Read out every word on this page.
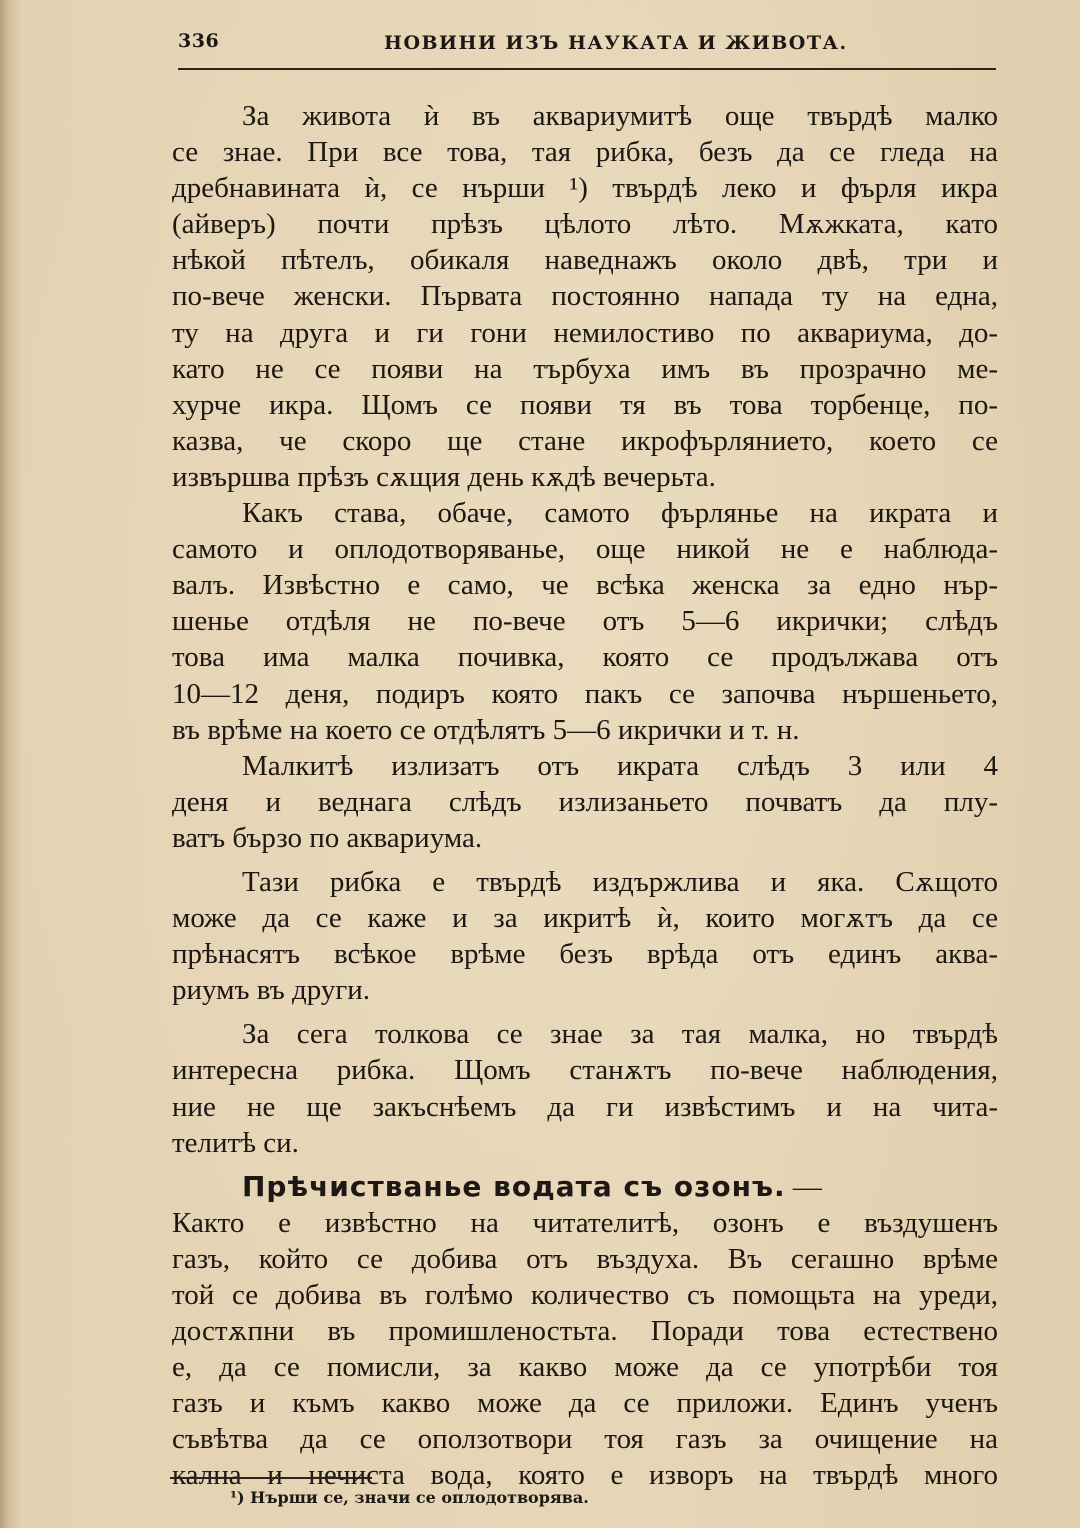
336	НОВИНИ ИЗЪ НАУКАТА И ЖИВОТА.
За живота ѝ въ аквариумитѣ още твърдѣ малко
се знае. При все това, тая рибка, безъ да се гледа на
дребнавината ѝ, се нърши ¹) твърдѣ леко и фърля икра
(айверъ) почти прѣзъ цѣлото лѣто. Мѫжката, като
нѣкой пѣтелъ, обикаля наведнажъ около двѣ, три и
по-вече женски. Първата постоянно напада ту на една,
ту на друга и ги гони немилостиво по аквариума, до-
като не се появи на търбуха имъ въ прозрачно ме-
хурче икра. Щомъ се появи тя въ това торбенце, по-
казва, че скоро ще стане икрофърлянието, което се
извършва прѣзъ сѫщия день кѫдѣ вечерьта.
Какъ става, обаче, самото фърлянье на икрата и
самото и оплодотворяванье, още никой не е наблюда-
валъ. Извѣстно е само, че всѣка женска за едно нър-
шенье отдѣля не по-вече отъ 5—6 икрички; слѣдъ
това има малка почивка, която се продължава отъ
10—12 деня, подиръ която пакъ се започва нършеньето,
въ врѣме на което се отдѣлятъ 5—6 икрички и т. н.
Малкитѣ излизатъ отъ икрата слѣдъ 3 или 4
деня и веднага слѣдъ излизаньето почватъ да плу-
ватъ бързо по аквариума.
Тази рибка е твърдѣ издържлива и яка. Сѫщото
може да се каже и за икритѣ ѝ, които могѫтъ да се
прѣнасятъ всѣкое врѣме безъ врѣда отъ единъ аква-
риумъ въ други.
За сега толкова се знае за тая малка, но твърдѣ
интересна рибка. Щомъ станѫтъ по-вече наблюдения,
ние не ще закъснѣемъ да ги извѣстимъ и на чита-
телитѣ си.
Прѣчистванье водата съ озонъ. —
Както е извѣстно на читателитѣ, озонъ е въздушенъ
газъ, който се добива отъ въздуха. Въ сегашно врѣме
той се добива въ голѣмо количество съ помощьта на уреди,
достѫпни въ промишленостьта. Поради това естествено
е, да се помисли, за какво може да се употрѣби тоя
газъ и къмъ какво може да се приложи. Единъ ученъ
съвѣтва да се оползотвори тоя газъ за очищение на
кална и нечиста вода, която е изворъ на твърдѣ много
¹) Нърши се, значи се оплодотворява.
